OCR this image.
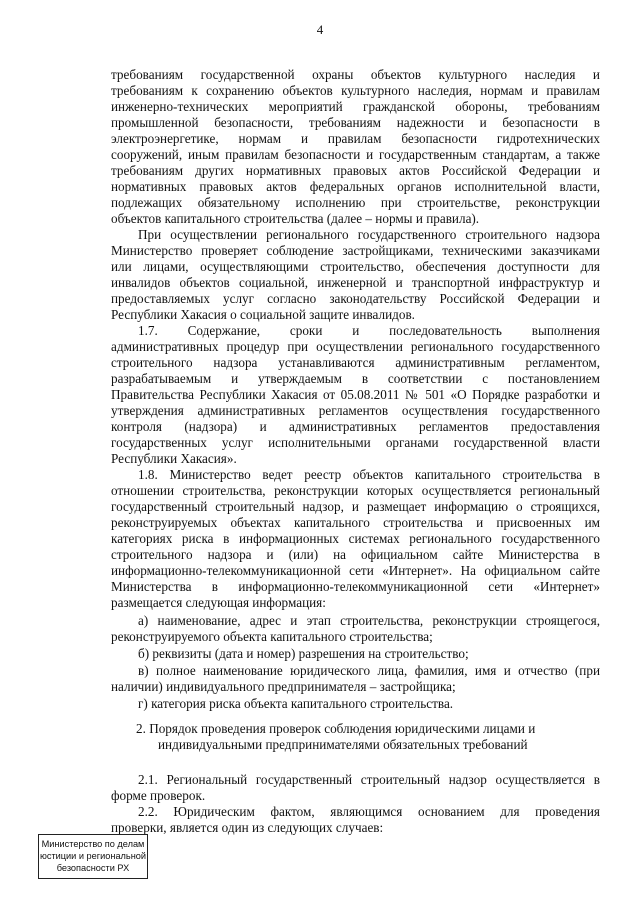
4
требованиям государственной охраны объектов культурного наследия и
требованиям к сохранению объектов культурного наследия, нормам и правилам
инженерно-технических мероприятий гражданской обороны, требованиям
промышленной безопасности, требованиям надежности и безопасности в
электроэнергетике, нормам и правилам безопасности гидротехнических
сооружений, иным правилам безопасности и государственным стандартам, а также
требованиям других нормативных правовых актов Российской Федерации и
нормативных правовых актов федеральных органов исполнительной власти,
подлежащих обязательному исполнению при строительстве, реконструкции
объектов капитального строительства (далее – нормы и правила).
При осуществлении регионального государственного строительного надзора
Министерство проверяет соблюдение застройщиками, техническими заказчиками
или лицами, осуществляющими строительство, обеспечения доступности для
инвалидов объектов социальной, инженерной и транспортной инфраструктур и
предоставляемых услуг согласно законодательству Российской Федерации и
Республики Хакасия о социальной защите инвалидов.
1.7. Содержание, сроки и последовательность выполнения
административных процедур при осуществлении регионального государственного
строительного надзора устанавливаются административным регламентом,
разрабатываемым и утверждаемым в соответствии с постановлением
Правительства Республики Хакасия от 05.08.2011 № 501 «О Порядке разработки и
утверждения административных регламентов осуществления государственного
контроля (надзора) и административных регламентов предоставления
государственных услуг исполнительными органами государственной власти
Республики Хакасия».
1.8. Министерство ведет реестр объектов капитального строительства в
отношении строительства, реконструкции которых осуществляется региональный
государственный строительный надзор, и размещает информацию о строящихся,
реконструируемых объектах капитального строительства и присвоенных им
категориях риска в информационных системах регионального государственного
строительного надзора и (или) на официальном сайте Министерства в
информационно-телекоммуникационной сети «Интернет». На официальном сайте
Министерства в информационно-телекоммуникационной сети «Интернет»
размещается следующая информация:
а) наименование, адрес и этап строительства, реконструкции строящегося,
реконструируемого объекта капитального строительства;
б) реквизиты (дата и номер) разрешения на строительство;
в) полное наименование юридического лица, фамилия, имя и отчество (при
наличии) индивидуального предпринимателя – застройщика;
г) категория риска объекта капитального строительства.
2. Порядок проведения проверок соблюдения юридическими лицами и
индивидуальными предпринимателями обязательных требований
2.1. Региональный государственный строительный надзор осуществляется в
форме проверок.
2.2. Юридическим фактом, являющимся основанием для проведения
проверки, является один из следующих случаев:
Министерство по делам
юстиции и региональной
безопасности РХ
